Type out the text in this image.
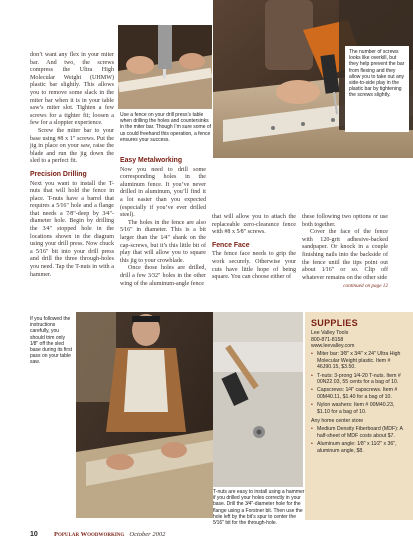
The number of screws looks like overkill, but they help prevent the bar from flexing and they allow you to take out any side-to-side play in the plastic bar by tightening the screws slightly.
Use a fence on your drill press’s table when drilling the holes and countersinks in the miter bar. Though I’m sure some of us could freehand this operation, a fence ensures your success.

don’t want any flex in your miter bar. And two, the screws compress the Ultra High Molecular Weight (UHMW) plastic bar slightly. This allows you to remove some slack in the miter bar when it is in your table saw’s miter slot. Tighten a few screws for a tighter fit; loosen a few for a sloppier experience.

Screw the miter bar to your base using #8 x 1" screws. Put the jig in place on your saw, raise the blade and run the jig down the sled to a perfect fit.

Precision Drilling

Next you want to install the T-nuts that will hold the fence in place. T-nuts have a barrel that requires a 5⁄16" hole and a flange that needs a 7⁄8"-deep by 3⁄4"-diameter hole. Begin by drilling the 3⁄4" stopped hole in the locations shown in the diagram using your drill press. Now chuck a 5⁄16" bit into your drill press and drill the three through-holes you need. Tap the T-nuts in with a hammer.

Easy Metalworking

Now you need to drill some corresponding holes in the aluminum fence. It you’ve never drilled in aluminum, you’ll find it a lot easier than you expected (especially if you’ve ever drilled steel).

The holes in the fence are also 5⁄16" in diameter. This is a bit larger than the 1⁄4" shank on the cap-screws, but it’s this little bit of play that will allow you to square this jig to your crowblade.

Once those holes are drilled, drill a few 3⁄32" holes in the other wing of the aluminum-angle fence

that will allow you to attach the replaceable zero-clearance fence with #8 x 5⁄8" screws.

Fence Face

The fence face needs to grip the work securely. Otherwise your cuts have little hope of being square. You can choose either of

these following two options or use both together.

Cover the face of the fence with 120-grit adhesive-backed sandpaper. Or knock in a couple finishing nails into the backside of the fence until the tips point out about 1⁄16" or so. Clip off whatever remains on the other side

continued on page 12
If you followed the instructions carefully, you should trim only 1⁄8" off the sled base during its first pass on your table saw.
T-nuts are easy to install using a hammer if you drilled your holes correctly in your base. Drill the 3⁄4"-diameter hole for the flange using a Forstner bit. Then use the hole left by the bit’s spur to center the 5⁄16" bit for the through-hole.
SUPPLIES
Lee Valley Tools
800-871-8158
www.leevalley.com
• Miter bar: 3⁄8" x 3⁄4" x 24" Ultra High Molecular Weight plastic. Item # 46J90.15, $3.50.
• T-nuts: 3-prong 1⁄4-20 T-nuts. Item # 00N22.03, 55 cents for a bag of 10.
• Capscrews: 1⁄4" capscrews. Item # 00M40.11, $1.40 for a bag of 10.
• Nylon washers: Item # 00M40.23, $1.10 for a bag of 10.
Any home center store
• Medium Density Fiberboard (MDF): A half-sheet of MDF costs about $7.
• Aluminum angle: 1⁄8" x 11⁄2" x 36", aluminum angle, $8.
10 Popular Woodworking October 2002
